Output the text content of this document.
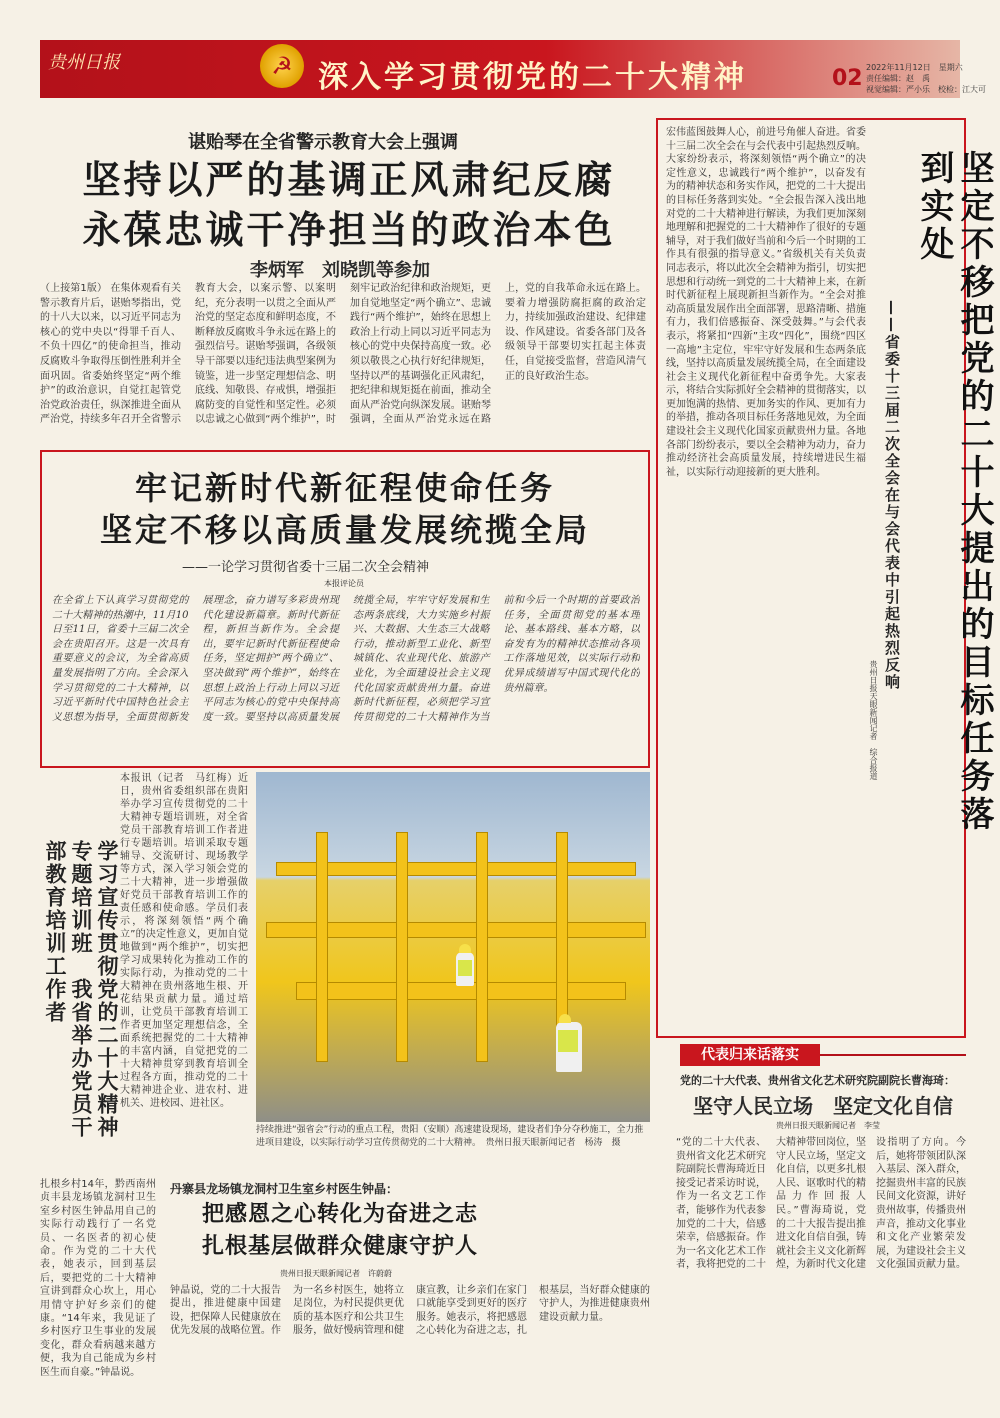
贵州日报	☭ 深入学习贯彻党的二十大精神	02 2022年11月12日　星期六
责任编辑：赵　禹
视觉编辑：严小乐　校检：江大可
谌贻琴在全省警示教育大会上强调
坚持以严的基调正风肃纪反腐
永葆忠诚干净担当的政治本色
李炳军　刘晓凯等参加
（上接第1版） 在集体观看有关警示教育片后，谌贻琴指出，党的十八大以来，以习近平同志为核心的党中央以“得罪千百人、不负十四亿”的使命担当，推动反腐败斗争取得压倒性胜利并全面巩固。省委始终坚定“两个维护”的政治意识，自觉扛起管党治党政治责任，纵深推进全面从严治党，持续多年召开全省警示教育大会，以案示警、以案明纪，充分表明一以贯之全面从严治党的坚定态度和鲜明态度，不断释放反腐败斗争永远在路上的强烈信号。谌贻琴强调，各级领导干部要以违纪违法典型案例为镜鉴，进一步坚定理想信念、明底线、知敬畏、存戒惧，增强拒腐防变的自觉性和坚定性。必须以忠诚之心做到“两个维护”，时刻牢记政治纪律和政治规矩，更加自觉地坚定“两个确立”、忠诚践行“两个维护”，始终在思想上政治上行动上同以习近平同志为核心的党中央保持高度一致。必须以敬畏之心执行好纪律规矩，坚持以严的基调强化正风肃纪，把纪律和规矩挺在前面，推动全面从严治党向纵深发展。谌贻琴强调，全面从严治党永远在路上，党的自我革命永远在路上。要着力增强防腐拒腐的政治定力，持续加强政治建设、纪律建设、作风建设。省委各部门及各级领导干部要切实扛起主体责任，自觉接受监督，营造风清气正的良好政治生态。
牢记新时代新征程使命任务
坚定不移以高质量发展统揽全局
——一论学习贯彻省委十三届二次全会精神
本报评论员
在全省上下认真学习贯彻党的二十大精神的热潮中，11月10日至11日，省委十三届二次全会在贵阳召开。这是一次具有重要意义的会议，为全省高质量发展指明了方向。全会深入学习贯彻党的二十大精神，以习近平新时代中国特色社会主义思想为指导，全面贯彻新发展理念，奋力谱写多彩贵州现代化建设新篇章。新时代新征程，新担当新作为。全会提出，要牢记新时代新征程使命任务，坚定拥护“两个确立”、坚决做到“两个维护”，始终在思想上政治上行动上同以习近平同志为核心的党中央保持高度一致。要坚持以高质量发展统揽全局，牢牢守好发展和生态两条底线，大力实施乡村振兴、大数据、大生态三大战略行动，推动新型工业化、新型城镇化、农业现代化、旅游产业化，为全面建设社会主义现代化国家贡献贵州力量。奋进新时代新征程，必须把学习宣传贯彻党的二十大精神作为当前和今后一个时期的首要政治任务，全面贯彻党的基本理论、基本路线、基本方略，以奋发有为的精神状态推动各项工作落地见效，以实际行动和优异成绩谱写中国式现代化的贵州篇章。
学习宣传贯彻党的二十大精神专题培训班　我省举办党员干部教育培训工作者
本报讯（记者　马红梅）近日，贵州省委组织部在贵阳举办学习宣传贯彻党的二十大精神专题培训班，对全省党员干部教育培训工作者进行专题培训。培训采取专题辅导、交流研讨、现场教学等方式，深入学习领会党的二十大精神，进一步增强做好党员干部教育培训工作的责任感和使命感。学员们表示，将深刻领悟“两个确立”的决定性意义，更加自觉地做到“两个维护”，切实把学习成果转化为推动工作的实际行动，为推动党的二十大精神在贵州落地生根、开花结果贡献力量。通过培训，让党员干部教育培训工作者更加坚定理想信念，全面系统把握党的二十大精神的丰富内涵，自觉把党的二十大精神贯穿到教育培训全过程各方面，推动党的二十大精神进企业、进农村、进机关、进校园、进社区。
持续推进“强省会”行动的重点工程，贵阳（安顺）高速建设现场，建设者们争分夺秒施工，全力推进项目建设，以实际行动学习宣传贯彻党的二十大精神。　贵州日报天眼新闻记者　杨涛　摄
宏伟蓝图鼓舞人心，前进号角催人奋进。省委十三届二次全会在与会代表中引起热烈反响。大家纷纷表示，将深刻领悟“两个确立”的决定性意义，忠诚践行“两个维护”，以奋发有为的精神状态和务实作风，把党的二十大提出的目标任务落到实处。“全会报告深入浅出地对党的二十大精神进行解读，为我们更加深刻地理解和把握党的二十大精神作了很好的专题辅导，对于我们做好当前和今后一个时期的工作具有很强的指导意义。”省级机关有关负责同志表示，将以此次全会精神为指引，切实把思想和行动统一到党的二十大精神上来，在新时代新征程上展现新担当新作为。“全会对推动高质量发展作出全面部署，思路清晰、措施有力，我们倍感振奋、深受鼓舞。”与会代表表示，将紧扣“四新”主攻“四化”，围绕“四区一高地”主定位，牢牢守好发展和生态两条底线，坚持以高质量发展统揽全局，在全面建设社会主义现代化新征程中奋勇争先。大家表示，将结合实际抓好全会精神的贯彻落实，以更加饱满的热情、更加务实的作风、更加有力的举措，推动各项目标任务落地见效，为全面建设社会主义现代化国家贡献贵州力量。各地各部门纷纷表示，要以全会精神为动力，奋力推动经济社会高质量发展，持续增进民生福祉，以实际行动迎接新的更大胜利。	坚定不移把党的二十大提出的目标任务落到实处
——省委十三届二次全会在与会代表中引起热烈反响
贵州日报天眼新闻记者　综合报道
代表归来话落实
党的二十大代表、贵州省文化艺术研究院副院长曹海琦：
坚守人民立场　坚定文化自信
贵州日报天眼新闻记者　李莹
“党的二十大代表、贵州省文化艺术研究院副院长曹海琦近日接受记者采访时说，作为一名文艺工作者，能够作为代表参加党的二十大，倍感荣幸，倍感振奋。作为一名文化艺术工作者，我将把党的二十大精神带回岗位，坚守人民立场，坚定文化自信，以更多扎根人民、讴歌时代的精品力作回报人民。”曹海琦说，党的二十大报告提出推进文化自信自强，铸就社会主义文化新辉煌，为新时代文化建设指明了方向。今后，她将带领团队深入基层、深入群众，挖掘贵州丰富的民族民间文化资源，讲好贵州故事，传播贵州声音，推动文化事业和文化产业繁荣发展，为建设社会主义文化强国贡献力量。
扎根乡村14年，黔西南州贞丰县龙场镇龙洞村卫生室乡村医生钟晶用自己的实际行动践行了一名党员、一名医者的初心使命。作为党的二十大代表，她表示，回到基层后，要把党的二十大精神宣讲到群众心坎上，用心用情守护好乡亲们的健康。“14年来，我见证了乡村医疗卫生事业的发展变化，群众看病越来越方便，我为自己能成为乡村医生而自豪。”钟晶说。
丹寨县龙场镇龙洞村卫生室乡村医生钟晶：
把感恩之心转化为奋进之志
扎根基层做群众健康守护人
贵州日报天眼新闻记者　许蔚蔚
钟晶说，党的二十大报告提出，推进健康中国建设，把保障人民健康放在优先发展的战略位置。作为一名乡村医生，她将立足岗位，为村民提供更优质的基本医疗和公共卫生服务，做好慢病管理和健康宣教，让乡亲们在家门口就能享受到更好的医疗服务。她表示，将把感恩之心转化为奋进之志，扎根基层，当好群众健康的守护人，为推进健康贵州建设贡献力量。
